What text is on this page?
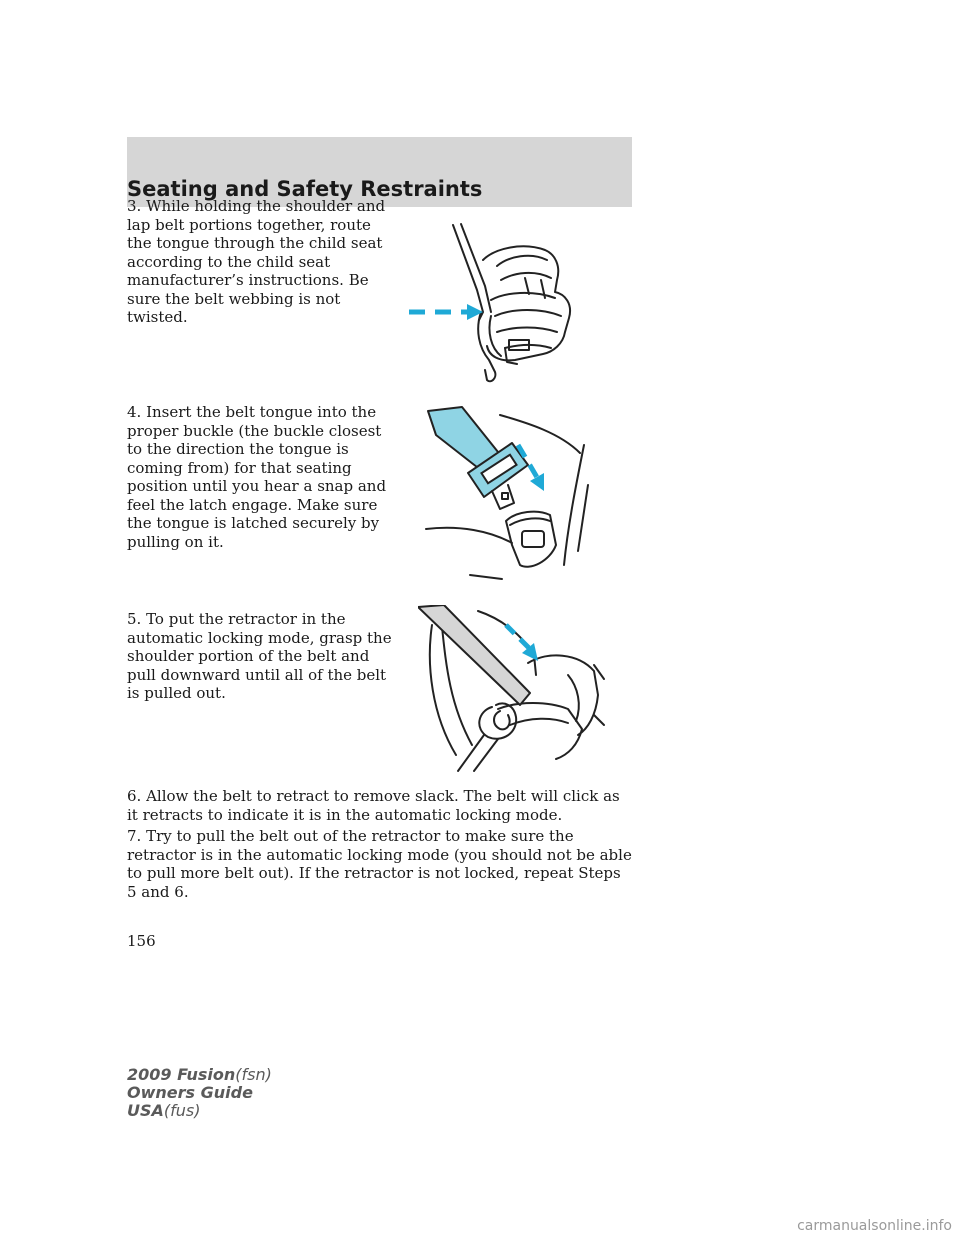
Seating and Safety Restraints

3. While holding the shoulder and lap belt portions together, route the tongue through the child seat according to the child seat manufacturer’s instructions. Be sure the belt webbing is not twisted.

4. Insert the belt tongue into the proper buckle (the buckle closest to the direction the tongue is coming from) for that seating position until you hear a snap and feel the latch engage. Make sure the tongue is latched securely by pulling on it.

5. To put the retractor in the automatic locking mode, grasp the shoulder portion of the belt and pull downward until all of the belt is pulled out.

6. Allow the belt to retract to remove slack. The belt will click as it retracts to indicate it is in the automatic locking mode.

7. Try to pull the belt out of the retractor to make sure the retractor is in the automatic locking mode (you should not be able to pull more belt out). If the retractor is not locked, repeat Steps 5 and 6.

156
2009 Fusion(fsn)
Owners Guide
USA(fus)
carmanualsonline.info
